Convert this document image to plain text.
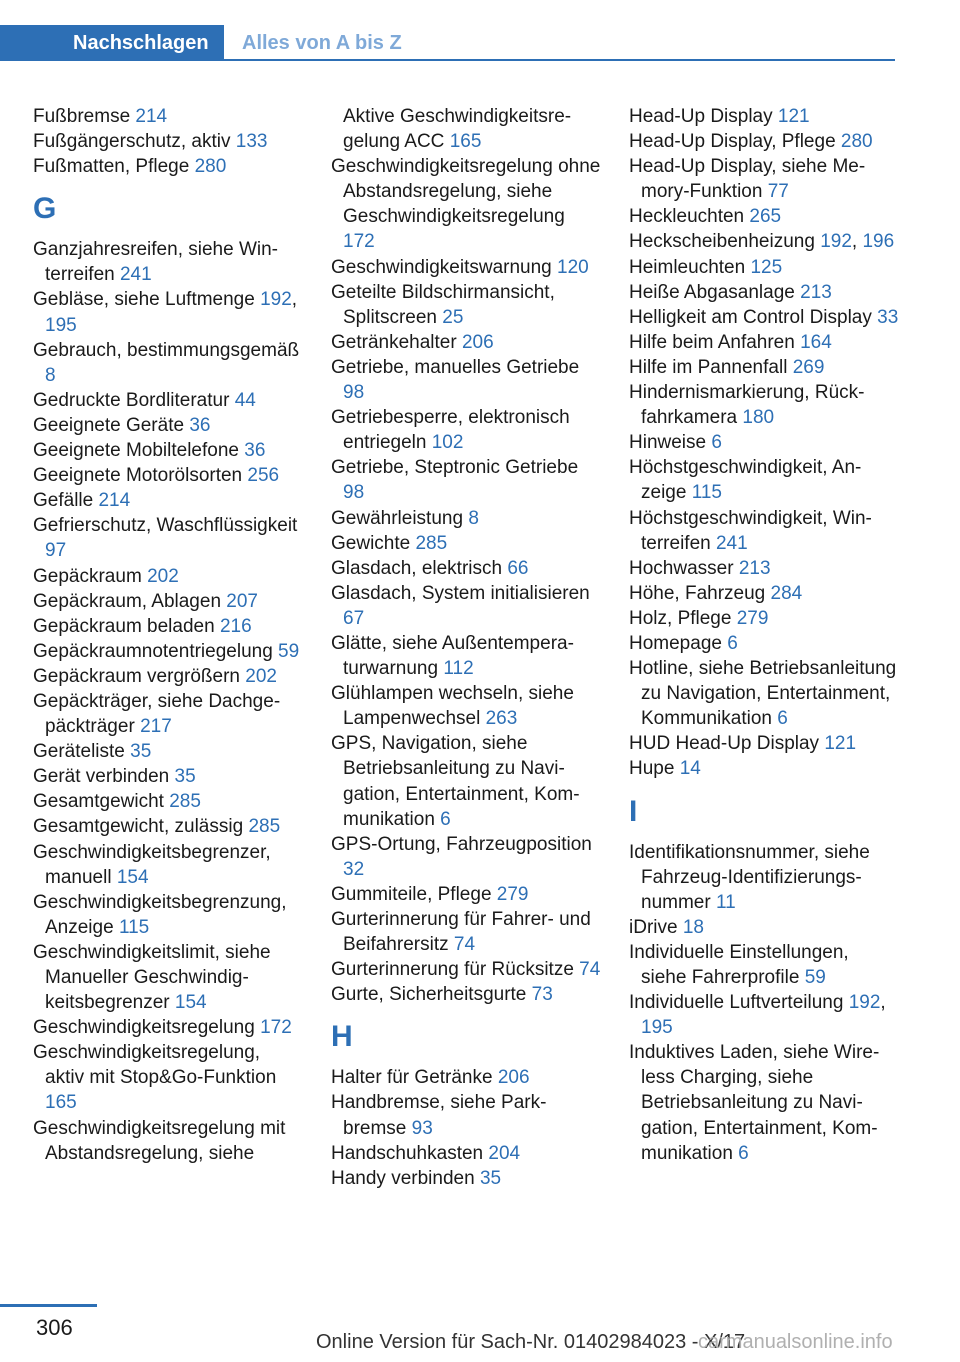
Nachschlagen	Alles von A bis Z
Fußbremse 214
Fußgängerschutz, aktiv 133
Fußmatten, Pflege 280
G
Ganzjahresreifen, siehe Winterreifen 241
Gebläse, siehe Luftmenge 192, 195
Gebrauch, bestimmungsgemäß 8
Gedruckte Bordliteratur 44
Geeignete Geräte 36
Geeignete Mobiltelefone 36
Geeignete Motorölsorten 256
Gefälle 214
Gefrierschutz, Waschflüssigkeit 97
Gepäckraum 202
Gepäckraum, Ablagen 207
Gepäckraum beladen 216
Gepäckraumnotentriegelung 59
Gepäckraum vergrößern 202
Gepäckträger, siehe Dachgepäckträger 217
Geräteliste 35
Gerät verbinden 35
Gesamtgewicht 285
Gesamtgewicht, zulässig 285
Geschwindigkeitsbegrenzer, manuell 154
Geschwindigkeitsbegrenzung, Anzeige 115
Geschwindigkeitslimit, siehe Manueller Geschwindigkeitsbegrenzer 154
Geschwindigkeitsregelung 172
Geschwindigkeitsregelung, aktiv mit Stop&Go-Funktion 165
Geschwindigkeitsregelung mit Abstandsregelung, siehe
Aktive Geschwindigkeitsregelung ACC 165
Geschwindigkeitsregelung ohne Abstandsregelung, siehe Geschwindigkeitsregelung 172
Geschwindigkeitswarnung 120
Geteilte Bildschirmansicht, Splitscreen 25
Getränkehalter 206
Getriebe, manuelles Getriebe 98
Getriebesperre, elektronisch entriegeln 102
Getriebe, Steptronic Getriebe 98
Gewährleistung 8
Gewichte 285
Glasdach, elektrisch 66
Glasdach, System initialisieren 67
Glätte, siehe Außentemperaturwarnung 112
Glühlampen wechseln, siehe Lampenwechsel 263
GPS, Navigation, siehe Betriebsanleitung zu Navigation, Entertainment, Kommunikation 6
GPS-Ortung, Fahrzeugposition 32
Gummiteile, Pflege 279
Gurterinnerung für Fahrer- und Beifahrersitz 74
Gurterinnerung für Rücksitze 74
Gurte, Sicherheitsgurte 73
H
Halter für Getränke 206
Handbremse, siehe Parkbremse 93
Handschuhkasten 204
Handy verbinden 35
Head-Up Display 121
Head-Up Display, Pflege 280
Head-Up Display, siehe Memory-Funktion 77
Heckleuchten 265
Heckscheibenheizung 192, 196
Heimleuchten 125
Heiße Abgasanlage 213
Helligkeit am Control Display 33
Hilfe beim Anfahren 164
Hilfe im Pannenfall 269
Hindernismarkierung, Rückfahrkamera 180
Hinweise 6
Höchstgeschwindigkeit, Anzeige 115
Höchstgeschwindigkeit, Winterreifen 241
Hochwasser 213
Höhe, Fahrzeug 284
Holz, Pflege 279
Homepage 6
Hotline, siehe Betriebsanleitung zu Navigation, Entertainment, Kommunikation 6
HUD Head-Up Display 121
Hupe 14
I
Identifikationsnummer, siehe Fahrzeug-Identifizierungsnummer 11
iDrive 18
Individuelle Einstellungen, siehe Fahrerprofile 59
Individuelle Luftverteilung 192, 195
Induktives Laden, siehe Wireless Charging, siehe Betriebsanleitung zu Navigation, Entertainment, Kommunikation 6
306
Online Version für Sach-Nr. 01402984023 - X/17
carmanualsonline.info
